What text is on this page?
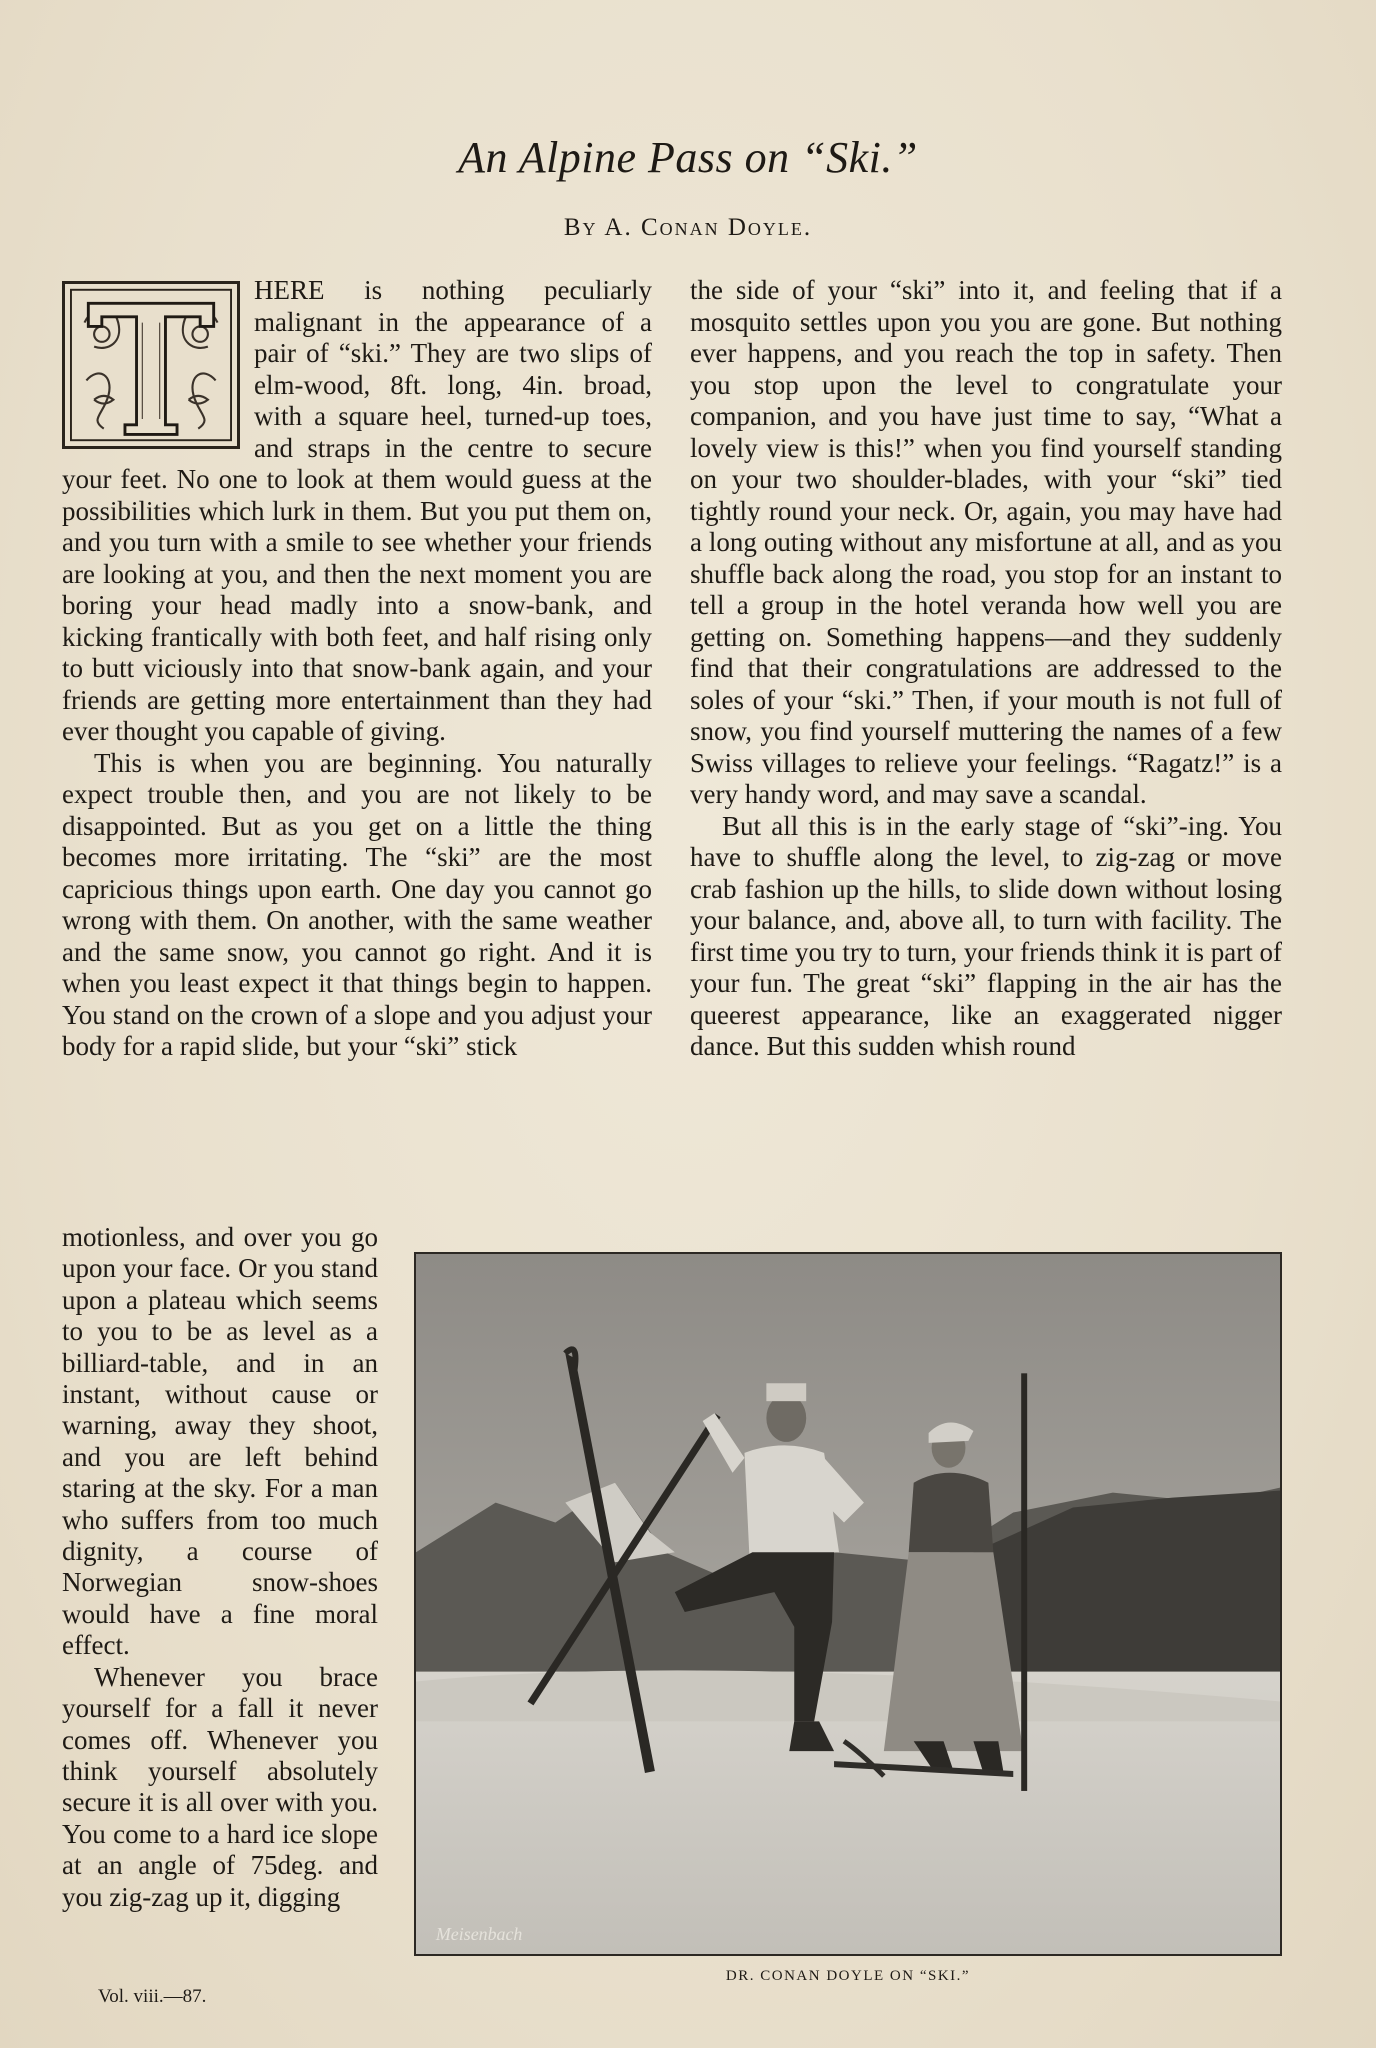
An Alpine Pass on “Ski.”

By A. Conan Doyle.

HERE is nothing peculiarly malignant in the appearance of a pair of “ski.” They are two slips of elm-wood, 8ft. long, 4in. broad, with a square heel, turned-up toes, and straps in the centre to secure your feet. No one to look at them would guess at the possibilities which lurk in them. But you put them on, and you turn with a smile to see whether your friends are looking at you, and then the next moment you are boring your head madly into a snow-bank, and kicking frantically with both feet, and half rising only to butt viciously into that snow-bank again, and your friends are getting more entertainment than they had ever thought you capable of giving.

This is when you are beginning. You naturally expect trouble then, and you are not likely to be disappointed. But as you get on a little the thing becomes more irritating. The “ski” are the most capricious things upon earth. One day you cannot go wrong with them. On another, with the same weather and the same snow, you cannot go right. And it is when you least expect it that things begin to happen. You stand on the crown of a slope and you adjust your body for a rapid slide, but your “ski” stick

the side of your “ski” into it, and feeling that if a mosquito settles upon you you are gone. But nothing ever happens, and you reach the top in safety. Then you stop upon the level to congratulate your companion, and you have just time to say, “What a lovely view is this!” when you find yourself standing on your two shoulder-blades, with your “ski” tied tightly round your neck. Or, again, you may have had a long outing without any misfortune at all, and as you shuffle back along the road, you stop for an instant to tell a group in the hotel veranda how well you are getting on. Something happens—and they suddenly find that their congratulations are addressed to the soles of your “ski.” Then, if your mouth is not full of snow, you find yourself muttering the names of a few Swiss villages to relieve your feelings. “Ragatz!” is a very handy word, and may save a scandal.

But all this is in the early stage of “ski”-ing. You have to shuffle along the level, to zig-zag or move crab fashion up the hills, to slide down without losing your balance, and, above all, to turn with facility. The first time you try to turn, your friends think it is part of your fun. The great “ski” flapping in the air has the queerest appearance, like an exaggerated nigger dance. But this sudden whish round

motionless, and over you go upon your face. Or you stand upon a plateau which seems to you to be as level as a billiard-table, and in an instant, without cause or warning, away they shoot, and you are left behind staring at the sky. For a man who suffers from too much dignity, a course of Norwegian snow-shoes would have a fine moral effect.

Whenever you brace yourself for a fall it never comes off. Whenever you think yourself absolutely secure it is all over with you. You come to a hard ice slope at an angle of 75deg. and you zig-zag up it, digging

Meisenbach

DR. CONAN DOYLE ON “SKI.”

Vol. viii.—87.
